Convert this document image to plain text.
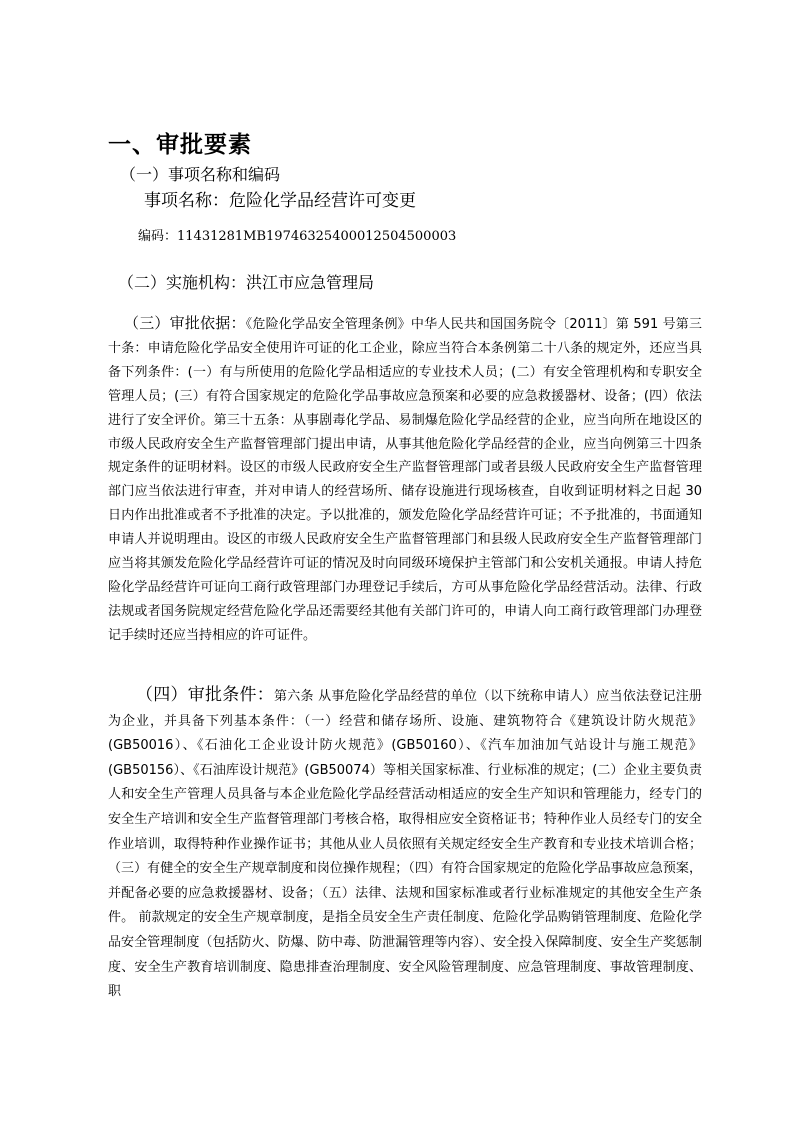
一、审批要素
（一）事项名称和编码
事项名称：危险化学品经营许可变更
编码：11431281MB1974632540001250450000З
（二）实施机构：洪江市应急管理局
（三）审批依据：《危险化学品安全管理条例》中华人民共和国国务院令〔2011〕第 591 号第三十条：申请危险化学品安全使用许可证的化工企业，除应当符合本条例第二十八条的规定外，还应当具备下列条件：(一）有与所使用的危险化学品相适应的专业技术人员；(二）有安全管理机构和专职安全管理人员；(三）有符合国家规定的危险化学品事故应急预案和必要的应急救援器材、设备；(四）依法进行了安全评价。第三十五条：从事剧毒化学品、易制爆危险化学品经营的企业，应当向所在地设区的市级人民政府安全生产监督管理部门提出申请，从事其他危险化学品经营的企业，应当向例第三十四条规定条件的证明材料。设区的市级人民政府安全生产监督管理部门或者县级人民政府安全生产监督管理部门应当依法进行审查，并对申请人的经营场所、储存设施进行现场核查，自收到证明材料之日起 30 日内作出批准或者不予批准的决定。予以批准的，颁发危险化学品经营许可证；不予批准的，书面通知申请人并说明理由。设区的市级人民政府安全生产监督管理部门和县级人民政府安全生产监督管理部门应当将其颁发危险化学品经营许可证的情况及时向同级环境保护主管部门和公安机关通报。申请人持危险化学品经营许可证向工商行政管理部门办理登记手续后，方可从事危险化学品经营活动。法律、行政法规或者国务院规定经营危险化学品还需要经其他有关部门许可的，申请人向工商行政管理部门办理登记手续时还应当持相应的许可证件。
（四）审批条件：第六条 从事危险化学品经营的单位（以下统称申请人）应当依法登记注册为企业，并具备下列基本条件：（一）经营和储存场所、设施、建筑物符合《建筑设计防火规范》(GB50016）、《石油化工企业设计防火规范》(GB50160）、《汽车加油加气站设计与施工规范》(GB50156）、《石油库设计规范》(GB50074）等相关国家标准、行业标准的规定；(二）企业主要负责人和安全生产管理人员具备与本企业危险化学品经营活动相适应的安全生产知识和管理能力，经专门的安全生产培训和安全生产监督管理部门考核合格，取得相应安全资格证书；特种作业人员经专门的安全作业培训，取得特种作业操作证书；其他从业人员依照有关规定经安全生产教育和专业技术培训合格；（三）有健全的安全生产规章制度和岗位操作规程；（四）有符合国家规定的危险化学品事故应急预案，并配备必要的应急救援器材、设备；（五）法律、法规和国家标准或者行业标准规定的其他安全生产条件。 前款规定的安全生产规章制度，是指全员安全生产责任制度、危险化学品购销管理制度、危险化学品安全管理制度（包括防火、防爆、防中毒、防泄漏管理等内容）、安全投入保障制度、安全生产奖惩制度、安全生产教育培训制度、隐患排查治理制度、安全风险管理制度、应急管理制度、事故管理制度、职
